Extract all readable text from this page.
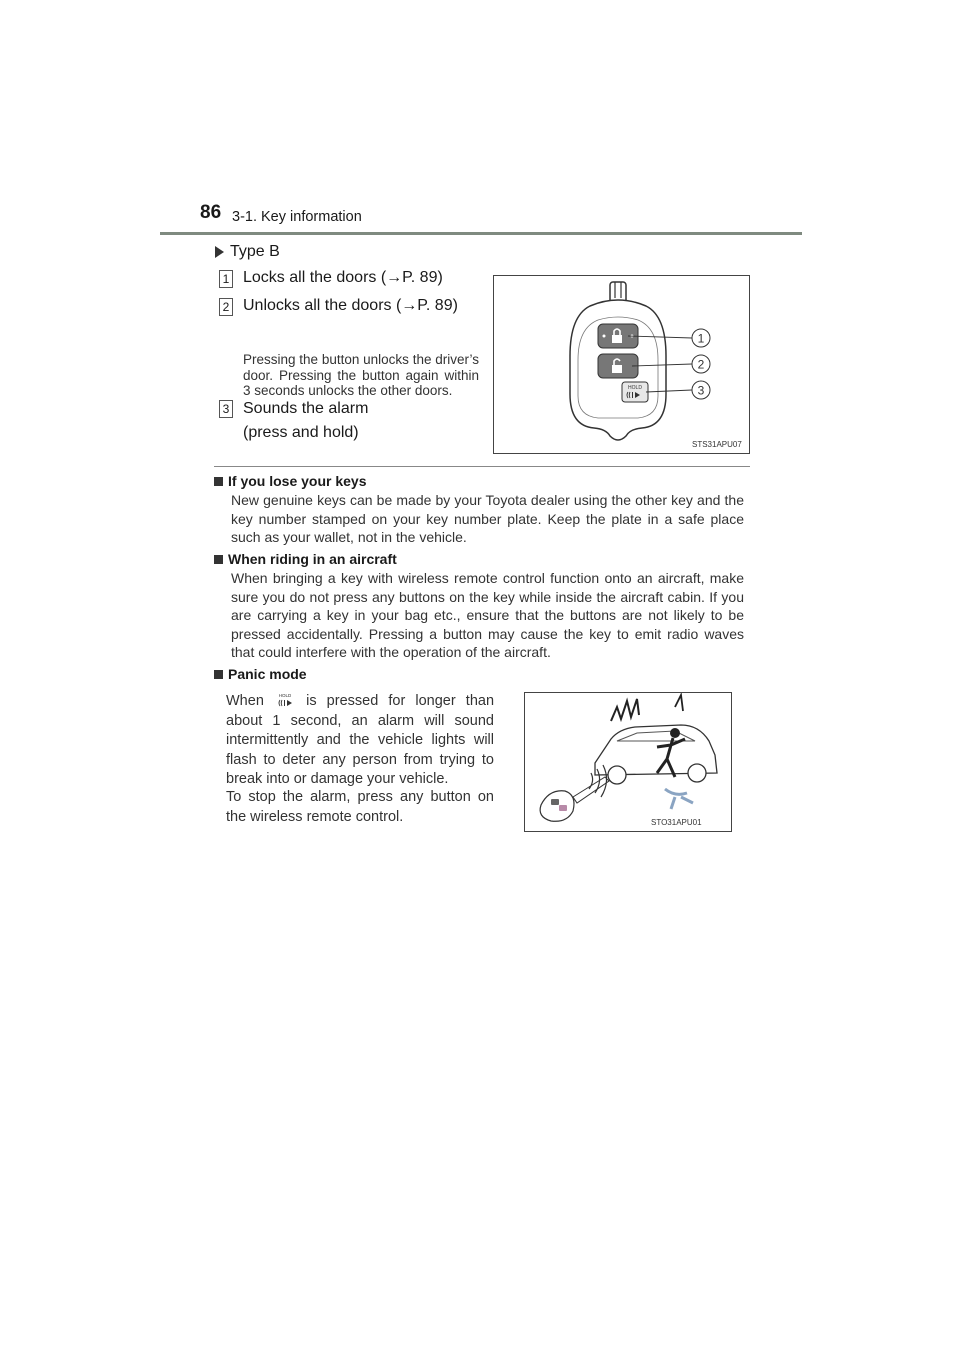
86 3-1. Key information
Type B
1 Locks all the doors (→P. 89)
2 Unlocks all the doors (→P. 89)
Pressing the button unlocks the driver’s door. Pressing the button again within 3 seconds unlocks the other doors.
3 Sounds the alarm
(press and hold)
HOLD
1
2
3
STS31APU07
If you lose your keys
New genuine keys can be made by your Toyota dealer using the other key and the key number stamped on your key number plate. Keep the plate in a safe place such as your wallet, not in the vehicle.
When riding in an aircraft
When bringing a key with wireless remote control function onto an aircraft, make sure you do not press any buttons on the key while inside the aircraft cabin. If you are carrying a key in your bag etc., ensure that the buttons are not likely to be pressed accidentally. Pressing a button may cause the key to emit radio waves that could interfere with the operation of the aircraft.
Panic mode
When	HOLD is pressed for longer than about 1 second, an alarm will sound intermittently and the vehicle lights will flash to deter any person from trying to break into or damage your vehicle.
To stop the alarm, press any button on the wireless remote control.	STO31APU01
